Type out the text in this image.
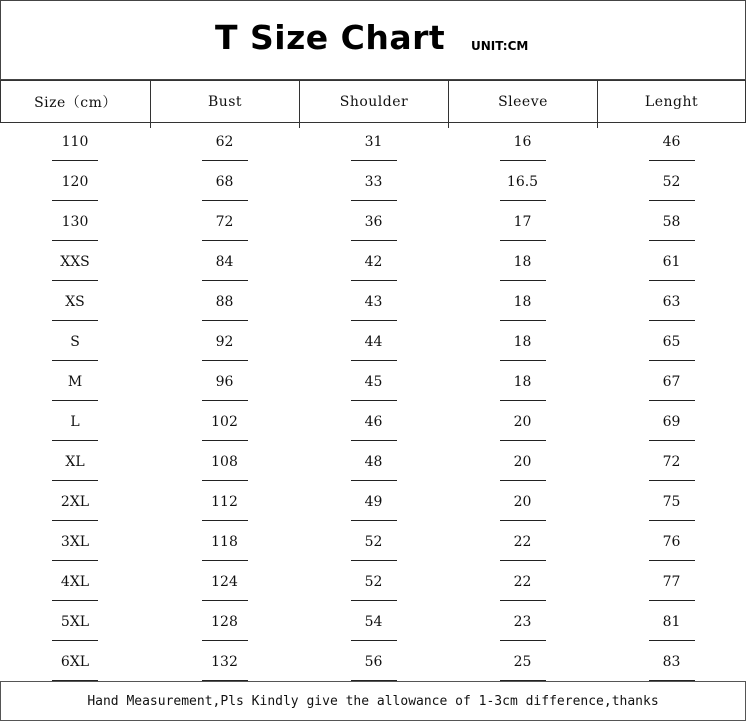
T Size Chart UNIT:CM
Size（cm）	Bust	Shoulder	Sleeve	Lenght
110	62	31	16	46
120	68	33	16.5	52
130	72	36	17	58
XXS	84	42	18	61
XS	88	43	18	63
S	92	44	18	65
M	96	45	18	67
L	102	46	20	69
XL	108	48	20	72
2XL	112	49	20	75
3XL	118	52	22	76
4XL	124	52	22	77
5XL	128	54	23	81
6XL	132	56	25	83
Hand Measurement,Pls Kindly give the allowance of 1-3cm difference,thanks
